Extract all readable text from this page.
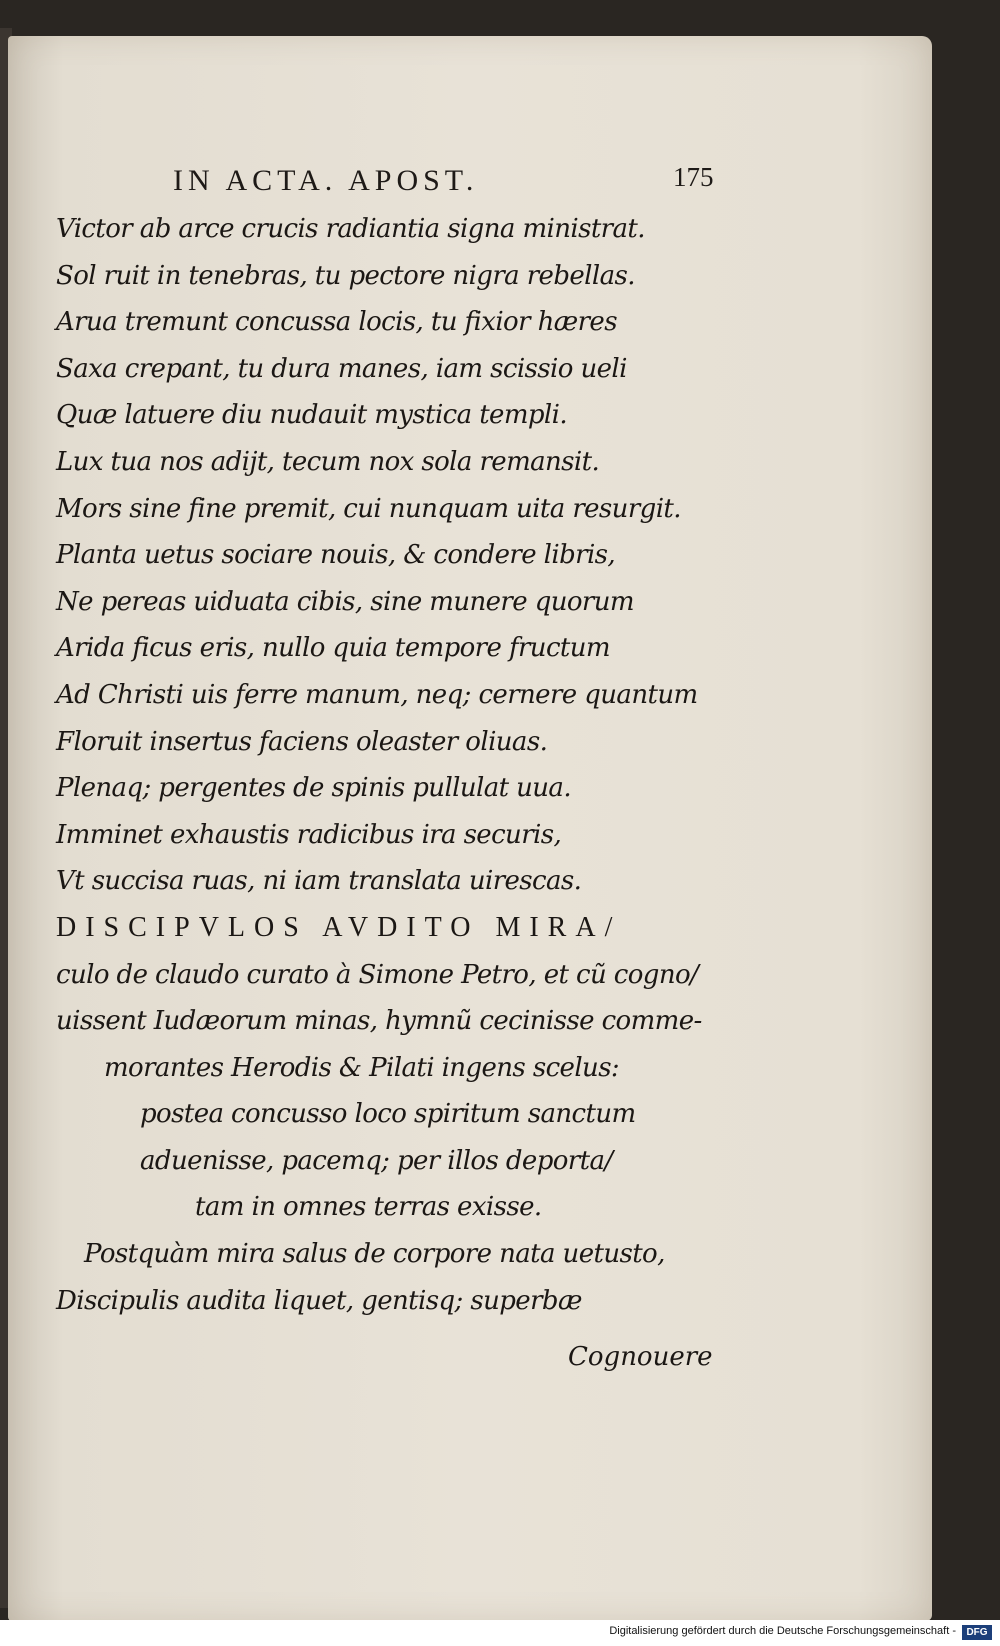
IN ACTA. APOST.	175
Victor ab arce crucis radiantia signa ministrat.
Sol ruit in tenebras, tu pectore nigra rebellas.
Arua tremunt concussa locis, tu fixior hæres
Saxa crepant, tu dura manes, iam scissio ueli
Quæ latuere diu nudauit mystica templi.
Lux tua nos adijt, tecum nox sola remansit.
Mors sine fine premit, cui nunquam uita resurgit.
Planta uetus sociare nouis, & condere libris,
Ne pereas uiduata cibis, sine munere quorum
Arida ficus eris, nullo quia tempore fructum
Ad Christi uis ferre manum, neq; cernere quantum
Floruit insertus faciens oleaster oliuas.
Plenaq; pergentes de spinis pullulat uua.
Imminet exhaustis radicibus ira securis,
Vt succisa ruas, ni iam translata uirescas.
DISCIPVLOS AVDITO MIRA/
culo de claudo curato à Simone Petro, et cũ cogno/
uissent Iudæorum minas, hymnũ cecinisse comme-
morantes Herodis & Pilati ingens scelus:
postea concusso loco spiritum sanctum
aduenisse, pacemq; per illos deporta/
tam in omnes terras exisse.
Postquàm mira salus de corpore nata uetusto,
Discipulis audita liquet, gentisq; superbæ
Cognouere
Digitalisierung gefördert durch die Deutsche Forschungsgemeinschaft -	DFG
